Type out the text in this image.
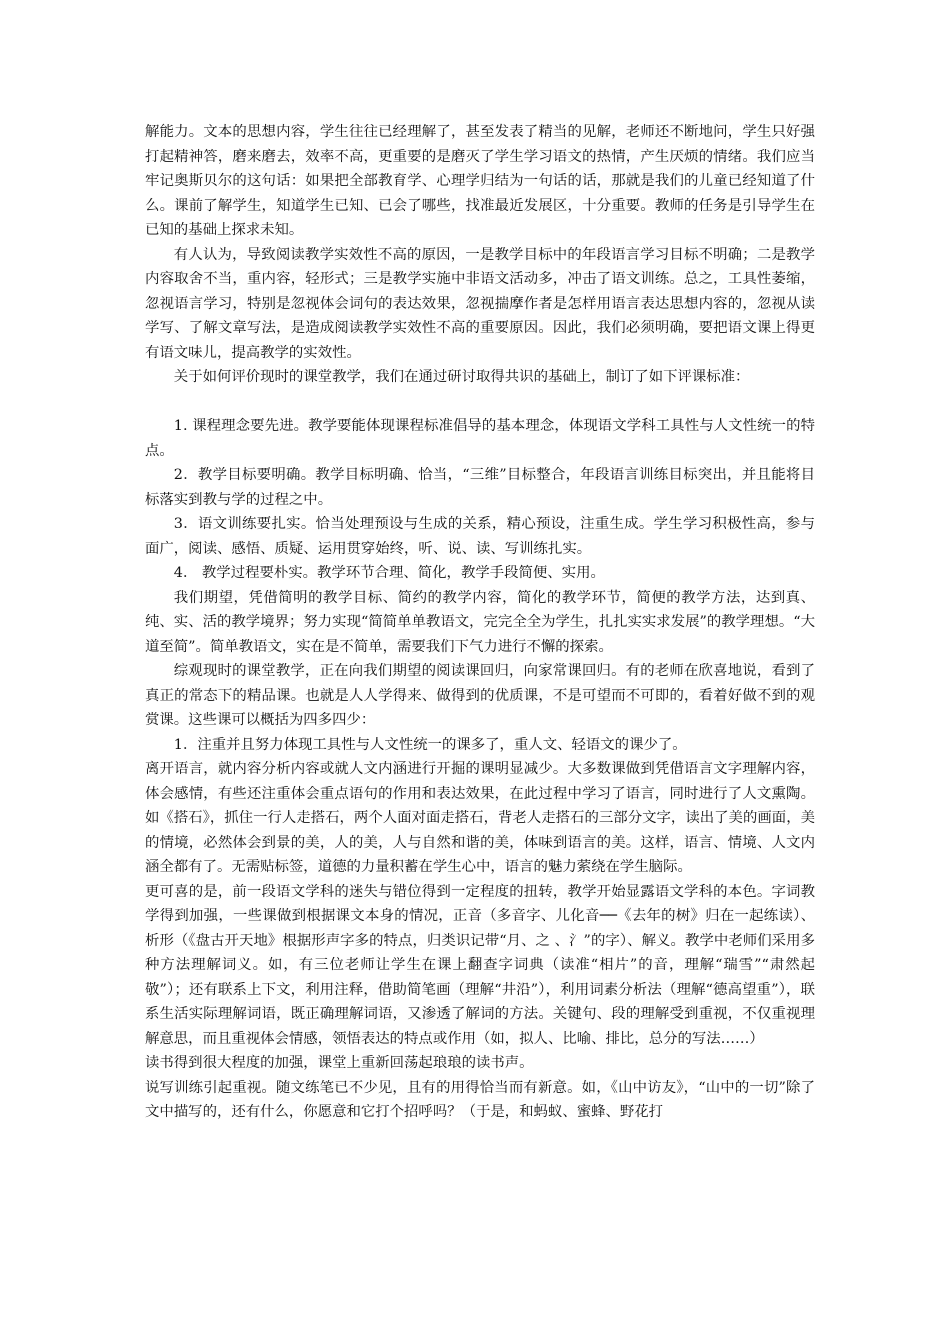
解能力。文本的思想内容，学生往往已经理解了，甚至发表了精当的见解，老师还不断地问，学生只好强打起精神答，磨来磨去，效率不高，更重要的是磨灭了学生学习语文的热情，产生厌烦的情绪。我们应当牢记奥斯贝尔的这句话：如果把全部教育学、心理学归结为一句话的话，那就是我们的儿童已经知道了什么。课前了解学生，知道学生已知、已会了哪些，找准最近发展区，十分重要。教师的任务是引导学生在已知的基础上探求未知。

有人认为，导致阅读教学实效性不高的原因，一是教学目标中的年段语言学习目标不明确；二是教学内容取舍不当，重内容，轻形式；三是教学实施中非语文活动多，冲击了语文训练。总之，工具性萎缩，忽视语言学习，特别是忽视体会词句的表达效果，忽视揣摩作者是怎样用语言表达思想内容的，忽视从读学写、了解文章写法，是造成阅读教学实效性不高的重要原因。因此，我们必须明确，要把语文课上得更有语文味儿，提高教学的实效性。

关于如何评价现时的课堂教学，我们在通过研讨取得共识的基础上，制订了如下评课标准：

1. 课程理念要先进。教学要能体现课程标准倡导的基本理念，体现语文学科工具性与人文性统一的特点。

2．教学目标要明确。教学目标明确、恰当，“三维”目标整合，年段语言训练目标突出，并且能将目标落实到教与学的过程之中。

3．语文训练要扎实。恰当处理预设与生成的关系，精心预设，注重生成。学生学习积极性高，参与面广，阅读、感悟、质疑、运用贯穿始终，听、说、读、写训练扎实。

4． 教学过程要朴实。教学环节合理、简化，教学手段简便、实用。

我们期望，凭借简明的教学目标、简约的教学内容，简化的教学环节，简便的教学方法，达到真、纯、实、活的教学境界；努力实现“简简单单教语文，完完全全为学生，扎扎实实求发展”的教学理想。“大道至简”。简单教语文，实在是不简单，需要我们下气力进行不懈的探索。

综观现时的课堂教学，正在向我们期望的阅读课回归，向家常课回归。有的老师在欣喜地说，看到了真正的常态下的精品课。也就是人人学得来、做得到的优质课，不是可望而不可即的，看着好做不到的观赏课。这些课可以概括为四多四少：

1．注重并且努力体现工具性与人文性统一的课多了，重人文、轻语文的课少了。

离开语言，就内容分析内容或就人文内涵进行开掘的课明显减少。大多数课做到凭借语言文字理解内容，体会感情，有些还注重体会重点语句的作用和表达效果，在此过程中学习了语言，同时进行了人文熏陶。如《搭石》，抓住一行人走搭石，两个人面对面走搭石，背老人走搭石的三部分文字，读出了美的画面，美的情境，必然体会到景的美，人的美，人与自然和谐的美，体味到语言的美。这样，语言、情境、人文内涵全都有了。无需贴标签，道德的力量积蓄在学生心中，语言的魅力萦绕在学生脑际。

更可喜的是，前一段语文学科的迷失与错位得到一定程度的扭转，教学开始显露语文学科的本色。字词教学得到加强，一些课做到根据课文本身的情况，正音（多音字、儿化音──《去年的树》归在一起练读）、析形（《盘古开天地》根据形声字多的特点，归类识记带“月、之 、氵”的字）、解义。教学中老师们采用多种方法理解词义。如，有三位老师让学生在课上翻查字词典（读准“相片”的音，理解“瑞雪”“肃然起敬”）；还有联系上下文，利用注释，借助简笔画（理解“井沿”），利用词素分析法（理解“德高望重”），联系生活实际理解词语，既正确理解词语，又渗透了解词的方法。关键句、段的理解受到重视，不仅重视理解意思，而且重视体会情感，领悟表达的特点或作用（如，拟人、比喻、排比，总分的写法……）

读书得到很大程度的加强，课堂上重新回荡起琅琅的读书声。

说写训练引起重视。随文练笔已不少见，且有的用得恰当而有新意。如，《山中访友》，“山中的一切”除了文中描写的，还有什么，你愿意和它打个招呼吗？（于是，和蚂蚁、蜜蜂、野花打
